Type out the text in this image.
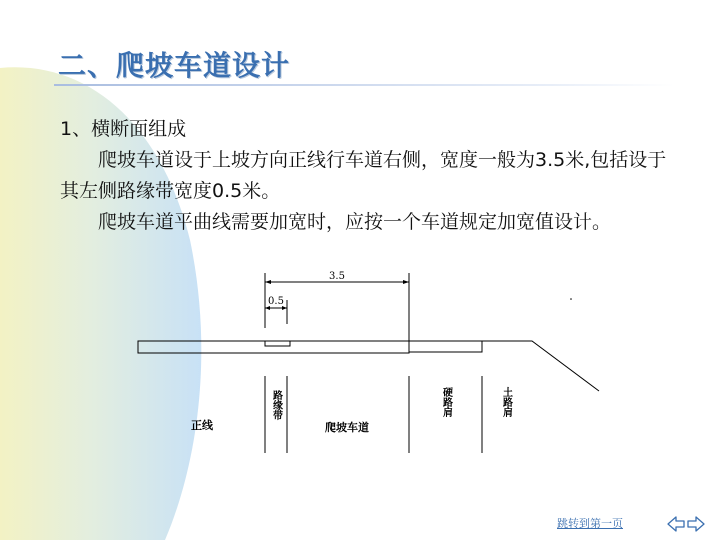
二、爬坡车道设计

1、横断面组成

爬坡车道设于上坡方向正线行车道右侧，宽度一般为3.5米,包括设于其左侧路缘带宽度0.5米。

爬坡车道平曲线需要加宽时，应按一个车道规定加宽值设计。

3.5
0.5
正线	爬坡车道
路缘带	硬路肩	土路肩
跳转到第一页
